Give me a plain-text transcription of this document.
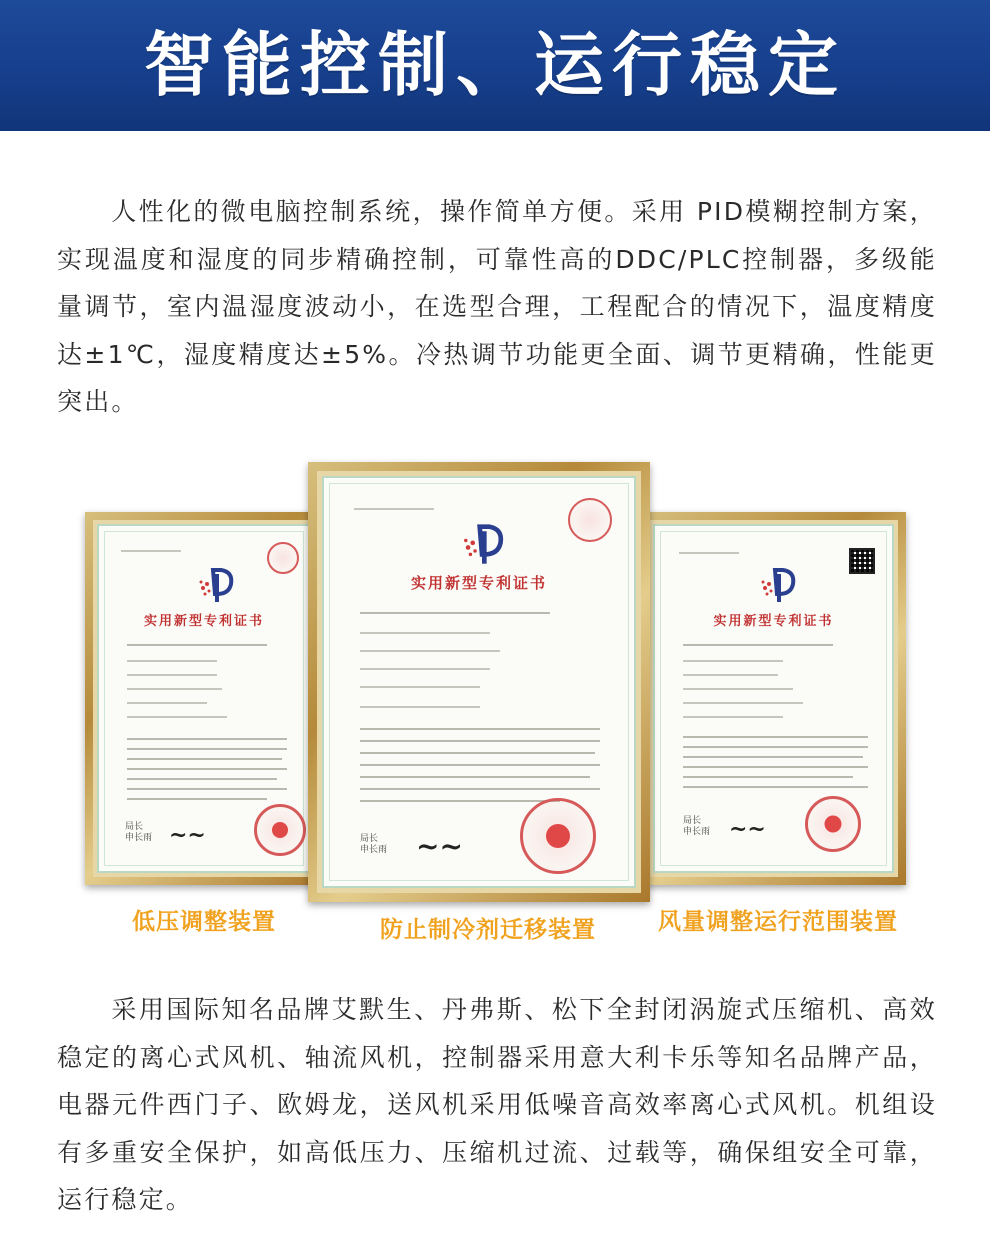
智能控制、运行稳定

人性化的微电脑控制系统，操作简单方便。采用 PID模糊控制方案，实现温度和湿度的同步精确控制，可靠性高的DDC/PLC控制器，多级能量调节，室内温湿度波动小，在选型合理，工程配合的情况下，温度精度达±1℃，湿度精度达±5%。冷热调节功能更全面、调节更精确，性能更突出。

实用新型专利证书
局长
申长雨 ~~
实用新型专利证书
局长
申长雨 ~~
实用新型专利证书
局长
申长雨 ~~
低压调整装置	防止制冷剂迁移装置	风量调整运行范围装置

采用国际知名品牌艾默生、丹弗斯、松下全封闭涡旋式压缩机、高效稳定的离心式风机、轴流风机，控制器采用意大利卡乐等知名品牌产品，电器元件西门子、欧姆龙，送风机采用低噪音高效率离心式风机。机组设有多重安全保护，如高低压力、压缩机过流、过载等，确保组安全可靠，运行稳定。
